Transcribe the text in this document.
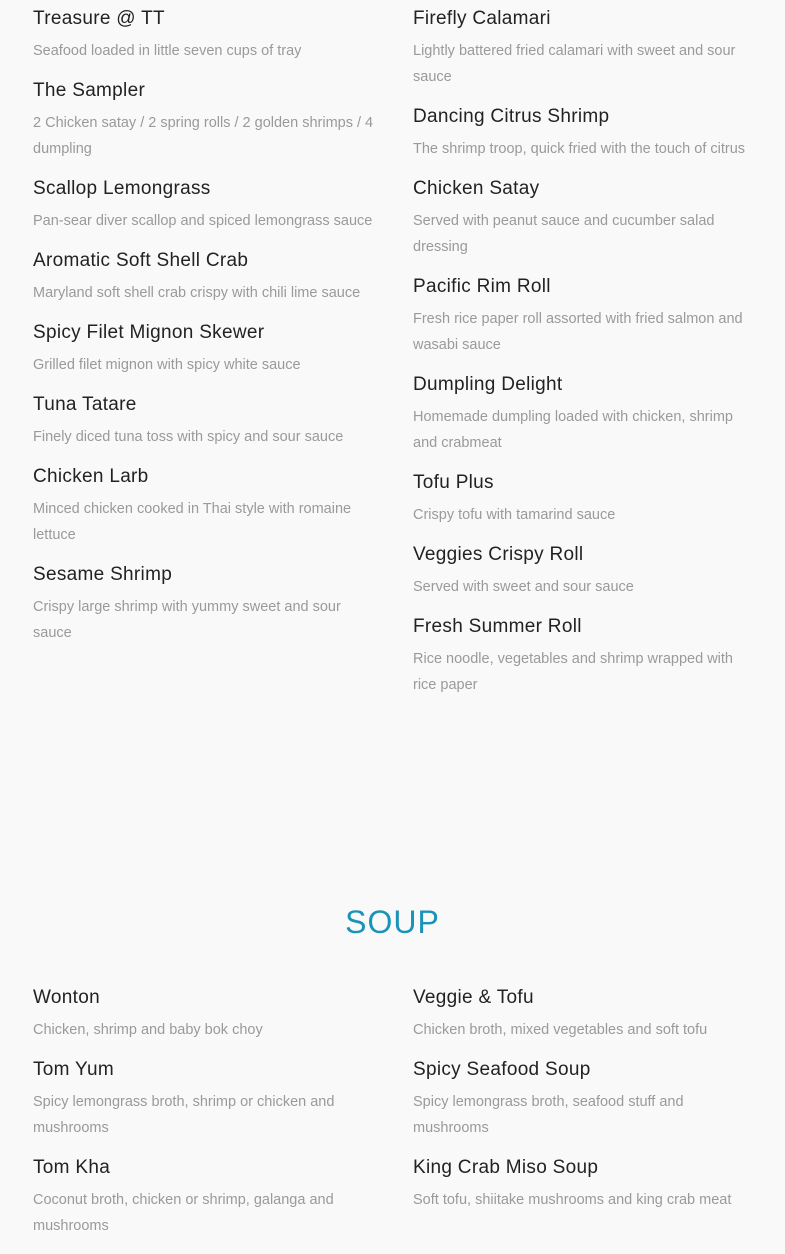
Treasure @ TT
Seafood loaded in little seven cups of tray
The Sampler
2 Chicken satay / 2 spring rolls / 2 golden shrimps / 4 dumpling
Scallop Lemongrass
Pan-sear diver scallop and spiced lemongrass sauce
Aromatic Soft Shell Crab
Maryland soft shell crab crispy with chili lime sauce
Spicy Filet Mignon Skewer
Grilled filet mignon with spicy white sauce
Tuna Tatare
Finely diced tuna toss with spicy and sour sauce
Chicken Larb
Minced chicken cooked in Thai style with romaine lettuce
Sesame Shrimp
Crispy large shrimp with yummy sweet and sour sauce
Firefly Calamari
Lightly battered fried calamari with sweet and sour sauce
Dancing Citrus Shrimp
The shrimp troop, quick fried with the touch of citrus
Chicken Satay
Served with peanut sauce and cucumber salad dressing
Pacific Rim Roll
Fresh rice paper roll assorted with fried salmon and wasabi sauce
Dumpling Delight
Homemade dumpling loaded with chicken, shrimp and crabmeat
Tofu Plus
Crispy tofu with tamarind sauce
Veggies Crispy Roll
Served with sweet and sour sauce
Fresh Summer Roll
Rice noodle, vegetables and shrimp wrapped with rice paper
SOUP
Wonton
Chicken, shrimp and baby bok choy
Tom Yum
Spicy lemongrass broth, shrimp or chicken and mushrooms
Tom Kha
Coconut broth, chicken or shrimp, galanga and mushrooms
Veggie & Tofu
Chicken broth, mixed vegetables and soft tofu
Spicy Seafood Soup
Spicy lemongrass broth, seafood stuff and mushrooms
King Crab Miso Soup
Soft tofu, shiitake mushrooms and king crab meat
